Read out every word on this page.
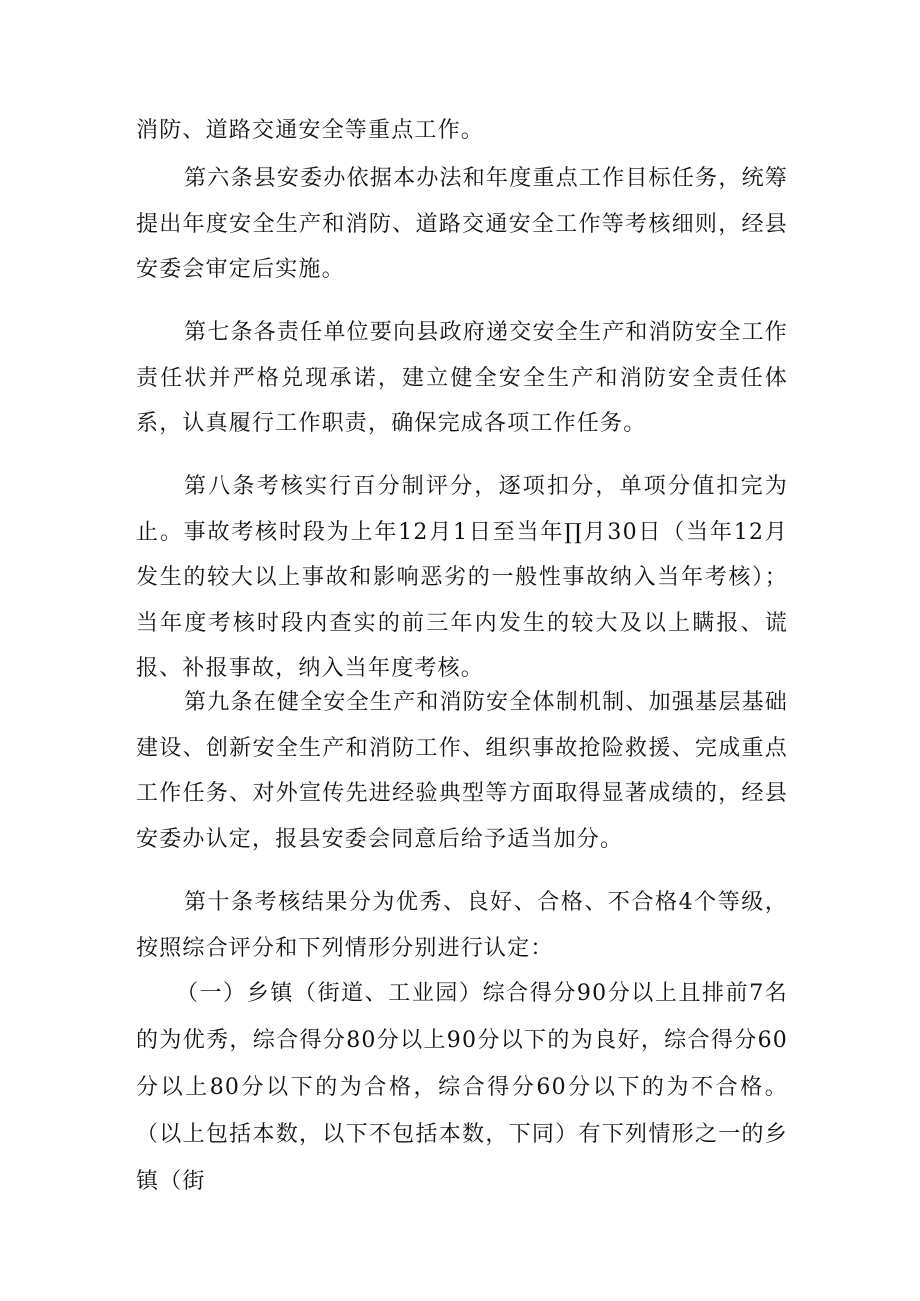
消防、道路交通安全等重点工作。

第六条县安委办依据本办法和年度重点工作目标任务，统筹提出年度安全生产和消防、道路交通安全工作等考核细则，经县安委会审定后实施。

第七条各责任单位要向县政府递交安全生产和消防安全工作责任状并严格兑现承诺，建立健全安全生产和消防安全责任体系，认真履行工作职责，确保完成各项工作任务。

第八条考核实行百分制评分，逐项扣分，单项分值扣完为止。事故考核时段为上年12月1日至当年∏月30日（当年12月发生的较大以上事故和影响恶劣的一般性事故纳入当年考核）；当年度考核时段内查实的前三年内发生的较大及以上瞒报、谎报、补报事故，纳入当年度考核。

第九条在健全安全生产和消防安全体制机制、加强基层基础建设、创新安全生产和消防工作、组织事故抢险救援、完成重点工作任务、对外宣传先进经验典型等方面取得显著成绩的，经县安委办认定，报县安委会同意后给予适当加分。

第十条考核结果分为优秀、良好、合格、不合格4个等级，按照综合评分和下列情形分别进行认定：

（一）乡镇（街道、工业园）综合得分90分以上且排前7名的为优秀，综合得分80分以上90分以下的为良好，综合得分60分以上80分以下的为合格，综合得分60分以下的为不合格。（以上包括本数，以下不包括本数，下同）有下列情形之一的乡镇（街
